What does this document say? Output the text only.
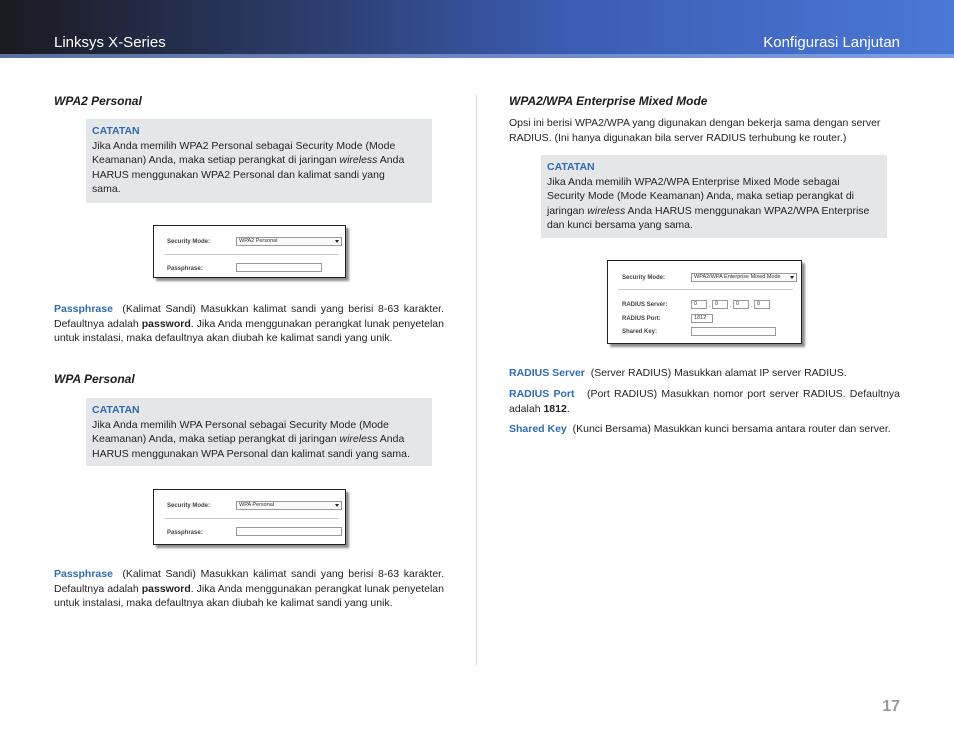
Linksys X-Series	Konfigurasi Lanjutan
WPA2 Personal
CATATAN
Jika Anda memilih WPA2 Personal sebagai Security Mode (Mode
Keamanan) Anda, maka setiap perangkat di jaringan wireless Anda
HARUS menggunakan WPA2 Personal dan kalimat sandi yang
sama.
Security Mode:	WPA2 Personal
Passphrase:
Passphrase (Kalimat Sandi) Masukkan kalimat sandi yang berisi 8-63 karakter. Defaultnya adalah password. Jika Anda menggunakan perangkat lunak penyetelan untuk instalasi, maka defaultnya akan diubah ke kalimat sandi yang unik.
WPA Personal
CATATAN
Jika Anda memilih WPA Personal sebagai Security Mode (Mode
Keamanan) Anda, maka setiap perangkat di jaringan wireless Anda
HARUS menggunakan WPA Personal dan kalimat sandi yang sama.
Security Mode:	WPA Personal
Passphrase:
Passphrase (Kalimat Sandi) Masukkan kalimat sandi yang berisi 8-63 karakter. Defaultnya adalah password. Jika Anda menggunakan perangkat lunak penyetelan untuk instalasi, maka defaultnya akan diubah ke kalimat sandi yang unik.
WPA2/WPA Enterprise Mixed Mode
Opsi ini berisi WPA2/WPA yang digunakan dengan bekerja sama dengan server RADIUS. (Ini hanya digunakan bila server RADIUS terhubung ke router.)
CATATAN
Jika Anda memilih WPA2/WPA Enterprise Mixed Mode sebagai
Security Mode (Mode Keamanan) Anda, maka setiap perangkat di
jaringan wireless Anda HARUS menggunakan WPA2/WPA Enterprise
dan kunci bersama yang sama.
Security Mode:	WPA2/WPA Enterprise Mixed Mode
RADIUS Server:	0	. 0	. 0	. 0
RADIUS Port:	1812
Shared Key:
RADIUS Server (Server RADIUS) Masukkan alamat IP server RADIUS.
RADIUS Port (Port RADIUS) Masukkan nomor port server RADIUS. Defaultnya adalah 1812.
Shared Key (Kunci Bersama) Masukkan kunci bersama antara router dan server.
17
